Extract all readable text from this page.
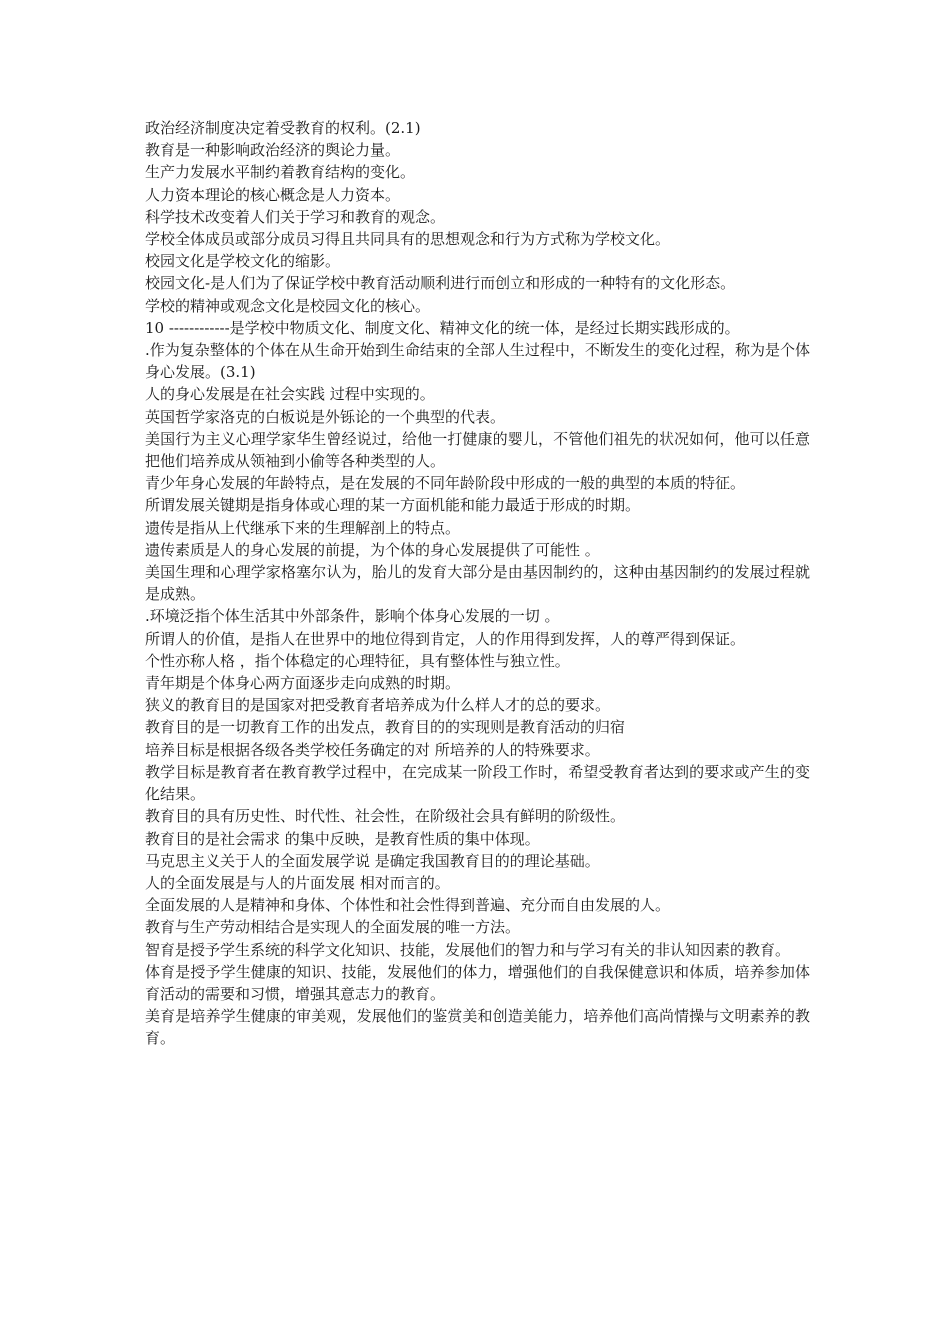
政治经济制度决定着受教育的权利。(2.1)

教育是一种影响政治经济的舆论力量。

生产力发展水平制约着教育结构的变化。

人力资本理论的核心概念是人力资本。

科学技术改变着人们关于学习和教育的观念。

学校全体成员或部分成员习得且共同具有的思想观念和行为方式称为学校文化。

校园文化是学校文化的缩影。

校园文化-是人们为了保证学校中教育活动顺利进行而创立和形成的一种特有的文化形态。

学校的精神或观念文化是校园文化的核心。

10 ------------是学校中物质文化、制度文化、精神文化的统一体，是经过长期实践形成的。

.作为复杂整体的个体在从生命开始到生命结束的全部人生过程中，不断发生的变化过程，称为是个体身心发展。(3.1)

人的身心发展是在社会实践 过程中实现的。

英国哲学家洛克的白板说是外铄论的一个典型的代表。

美国行为主义心理学家华生曾经说过，给他一打健康的婴儿，不管他们祖先的状况如何，他可以任意把他们培养成从领袖到小偷等各种类型的人。

青少年身心发展的年龄特点，是在发展的不同年龄阶段中形成的一般的典型的本质的特征。

所谓发展关键期是指身体或心理的某一方面机能和能力最适于形成的时期。

遗传是指从上代继承下来的生理解剖上的特点。

遗传素质是人的身心发展的前提，为个体的身心发展提供了可能性 。

美国生理和心理学家格塞尔认为，胎儿的发育大部分是由基因制约的，这种由基因制约的发展过程就是成熟。

.环境泛指个体生活其中外部条件，影响个体身心发展的一切 。

所谓人的价值，是指人在世界中的地位得到肯定，人的作用得到发挥，人的尊严得到保证。

个性亦称人格 ，指个体稳定的心理特征，具有整体性与独立性。

青年期是个体身心两方面逐步走向成熟的时期。

狭义的教育目的是国家对把受教育者培养成为什么样人才的总的要求。

教育目的是一切教育工作的出发点，教育目的的实现则是教育活动的归宿

培养目标是根据各级各类学校任务确定的对 所培养的人的特殊要求。

教学目标是教育者在教育教学过程中，在完成某一阶段工作时，希望受教育者达到的要求或产生的变化结果。

教育目的具有历史性、时代性、社会性，在阶级社会具有鲜明的阶级性。

教育目的是社会需求 的集中反映，是教育性质的集中体现。

马克思主义关于人的全面发展学说 是确定我国教育目的的理论基础。

人的全面发展是与人的片面发展 相对而言的。

全面发展的人是精神和身体、个体性和社会性得到普遍、充分而自由发展的人。

教育与生产劳动相结合是实现人的全面发展的唯一方法。

智育是授予学生系统的科学文化知识、技能，发展他们的智力和与学习有关的非认知因素的教育。

体育是授予学生健康的知识、技能，发展他们的体力，增强他们的自我保健意识和体质，培养参加体育活动的需要和习惯，增强其意志力的教育。

美育是培养学生健康的审美观，发展他们的鉴赏美和创造美能力，培养他们高尚情操与文明素养的教育。
